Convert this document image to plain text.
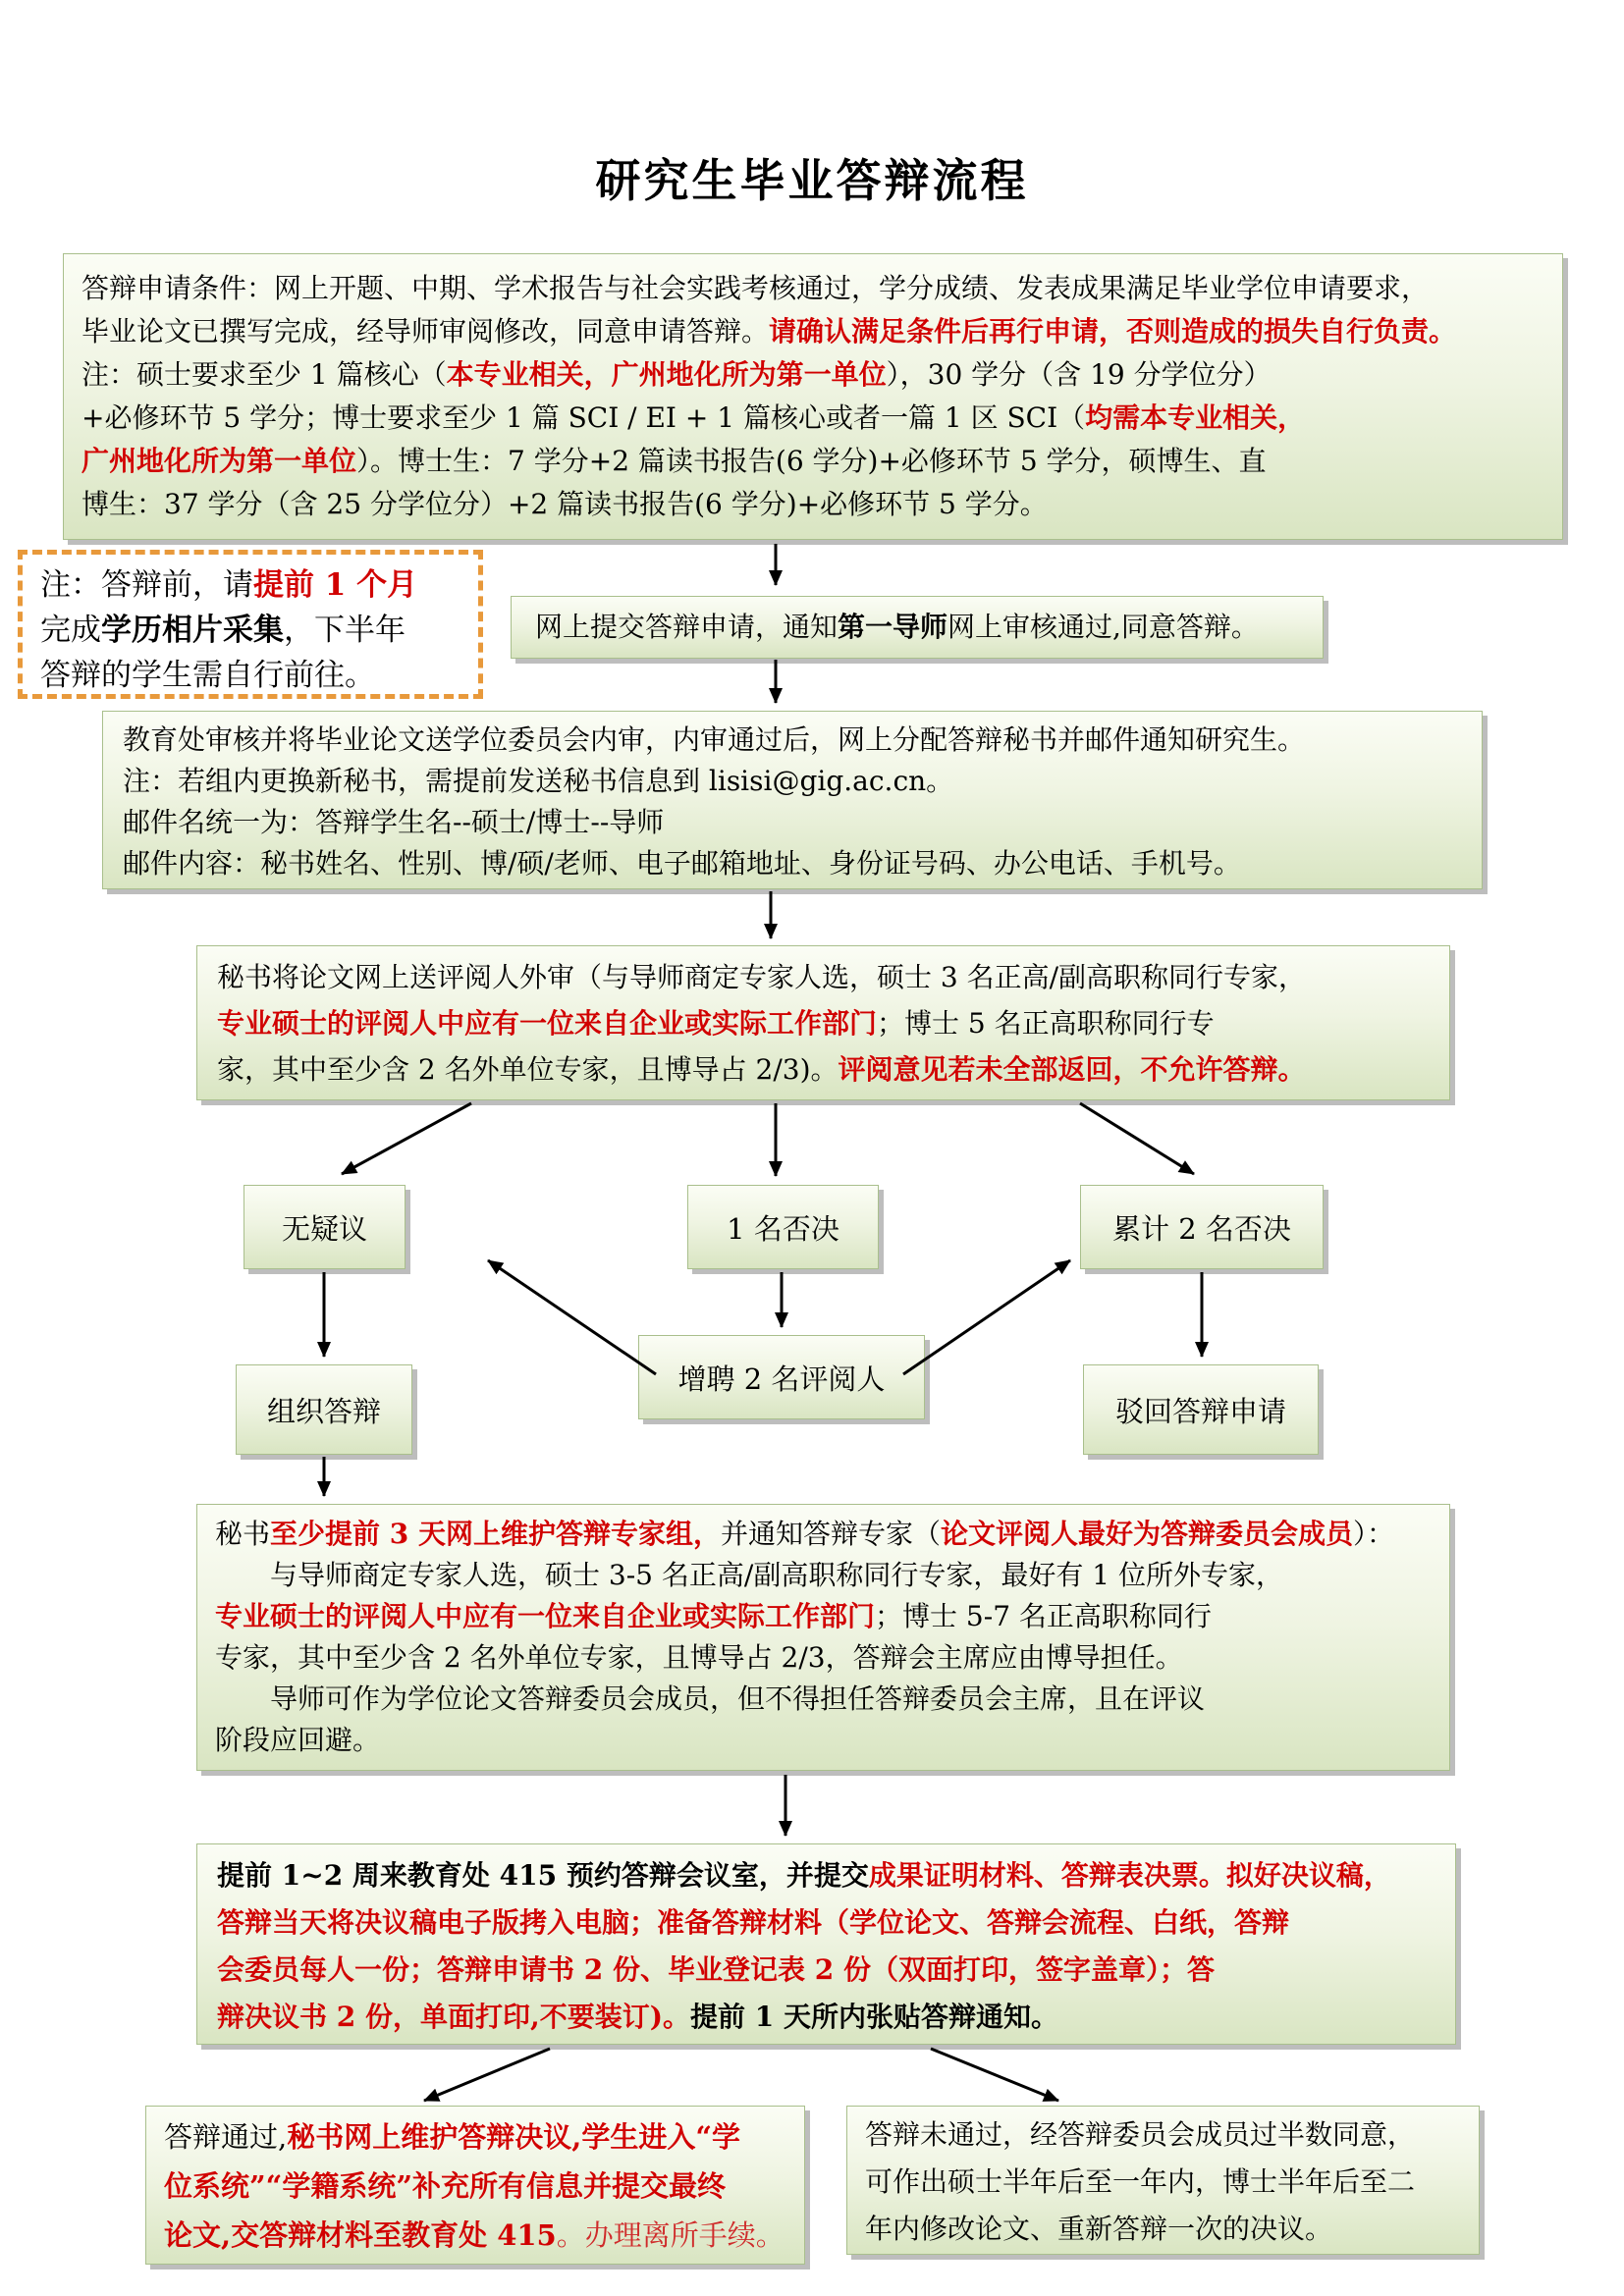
研究生毕业答辩流程
答辩申请条件：网上开题、中期、学术报告与社会实践考核通过，学分成绩、发表成果满足毕业学位申请要求，
毕业论文已撰写完成，经导师审阅修改，同意申请答辩。请确认满足条件后再行申请，否则造成的损失自行负责。
注：硕士要求至少 1 篇核心（本专业相关，广州地化所为第一单位），30 学分（含 19 分学位分）
+必修环节 5 学分；博士要求至少 1 篇 SCI / EI + 1 篇核心或者一篇 1 区 SCI（均需本专业相关，
广州地化所为第一单位）。博士生：7 学分+2 篇读书报告(6 学分)+必修环节 5 学分，硕博生、直
博生：37 学分（含 25 分学位分）+2 篇读书报告(6 学分)+必修环节 5 学分。
注：答辩前，请提前 1 个月
完成学历相片采集，下半年
答辩的学生需自行前往。
网上提交答辩申请，通知第一导师网上审核通过,同意答辩。
教育处审核并将毕业论文送学位委员会内审，内审通过后，网上分配答辩秘书并邮件通知研究生。
注：若组内更换新秘书，需提前发送秘书信息到 lisisi@gig.ac.cn。
邮件名统一为：答辩学生名--硕士/博士--导师
邮件内容：秘书姓名、性别、博/硕/老师、电子邮箱地址、身份证号码、办公电话、手机号。
秘书将论文网上送评阅人外审（与导师商定专家人选，硕士 3 名正高/副高职称同行专家，
专业硕士的评阅人中应有一位来自企业或实际工作部门；博士 5 名正高职称同行专
家，其中至少含 2 名外单位专家，且博导占 2/3)。评阅意见若未全部返回，不允许答辩。
无疑议	1 名否决	累计 2 名否决
组织答辩
增聘 2 名评阅人
驳回答辩申请
秘书至少提前 3 天网上维护答辩专家组，并通知答辩专家（论文评阅人最好为答辩委员会成员）：
　　与导师商定专家人选，硕士 3-5 名正高/副高职称同行专家，最好有 1 位所外专家，
专业硕士的评阅人中应有一位来自企业或实际工作部门；博士 5-7 名正高职称同行
专家，其中至少含 2 名外单位专家，且博导占 2/3，答辩会主席应由博导担任。
　　导师可作为学位论文答辩委员会成员，但不得担任答辩委员会主席，且在评议
阶段应回避。
提前 1~2 周来教育处 415 预约答辩会议室，并提交成果证明材料、答辩表决票。拟好决议稿，
答辩当天将决议稿电子版拷入电脑；准备答辩材料（学位论文、答辩会流程、白纸，答辩
会委员每人一份；答辩申请书 2 份、毕业登记表 2 份（双面打印，签字盖章）；答
辩决议书 2 份，单面打印,不要装订)。提前 1 天所内张贴答辩通知。
答辩通过,秘书网上维护答辩决议,学生进入“学
位系统”“学籍系统”补充所有信息并提交最终
论文,交答辩材料至教育处 415。办理离所手续。
答辩未通过，经答辩委员会成员过半数同意，
可作出硕士半年后至一年内，博士半年后至二
年内修改论文、重新答辩一次的决议。
